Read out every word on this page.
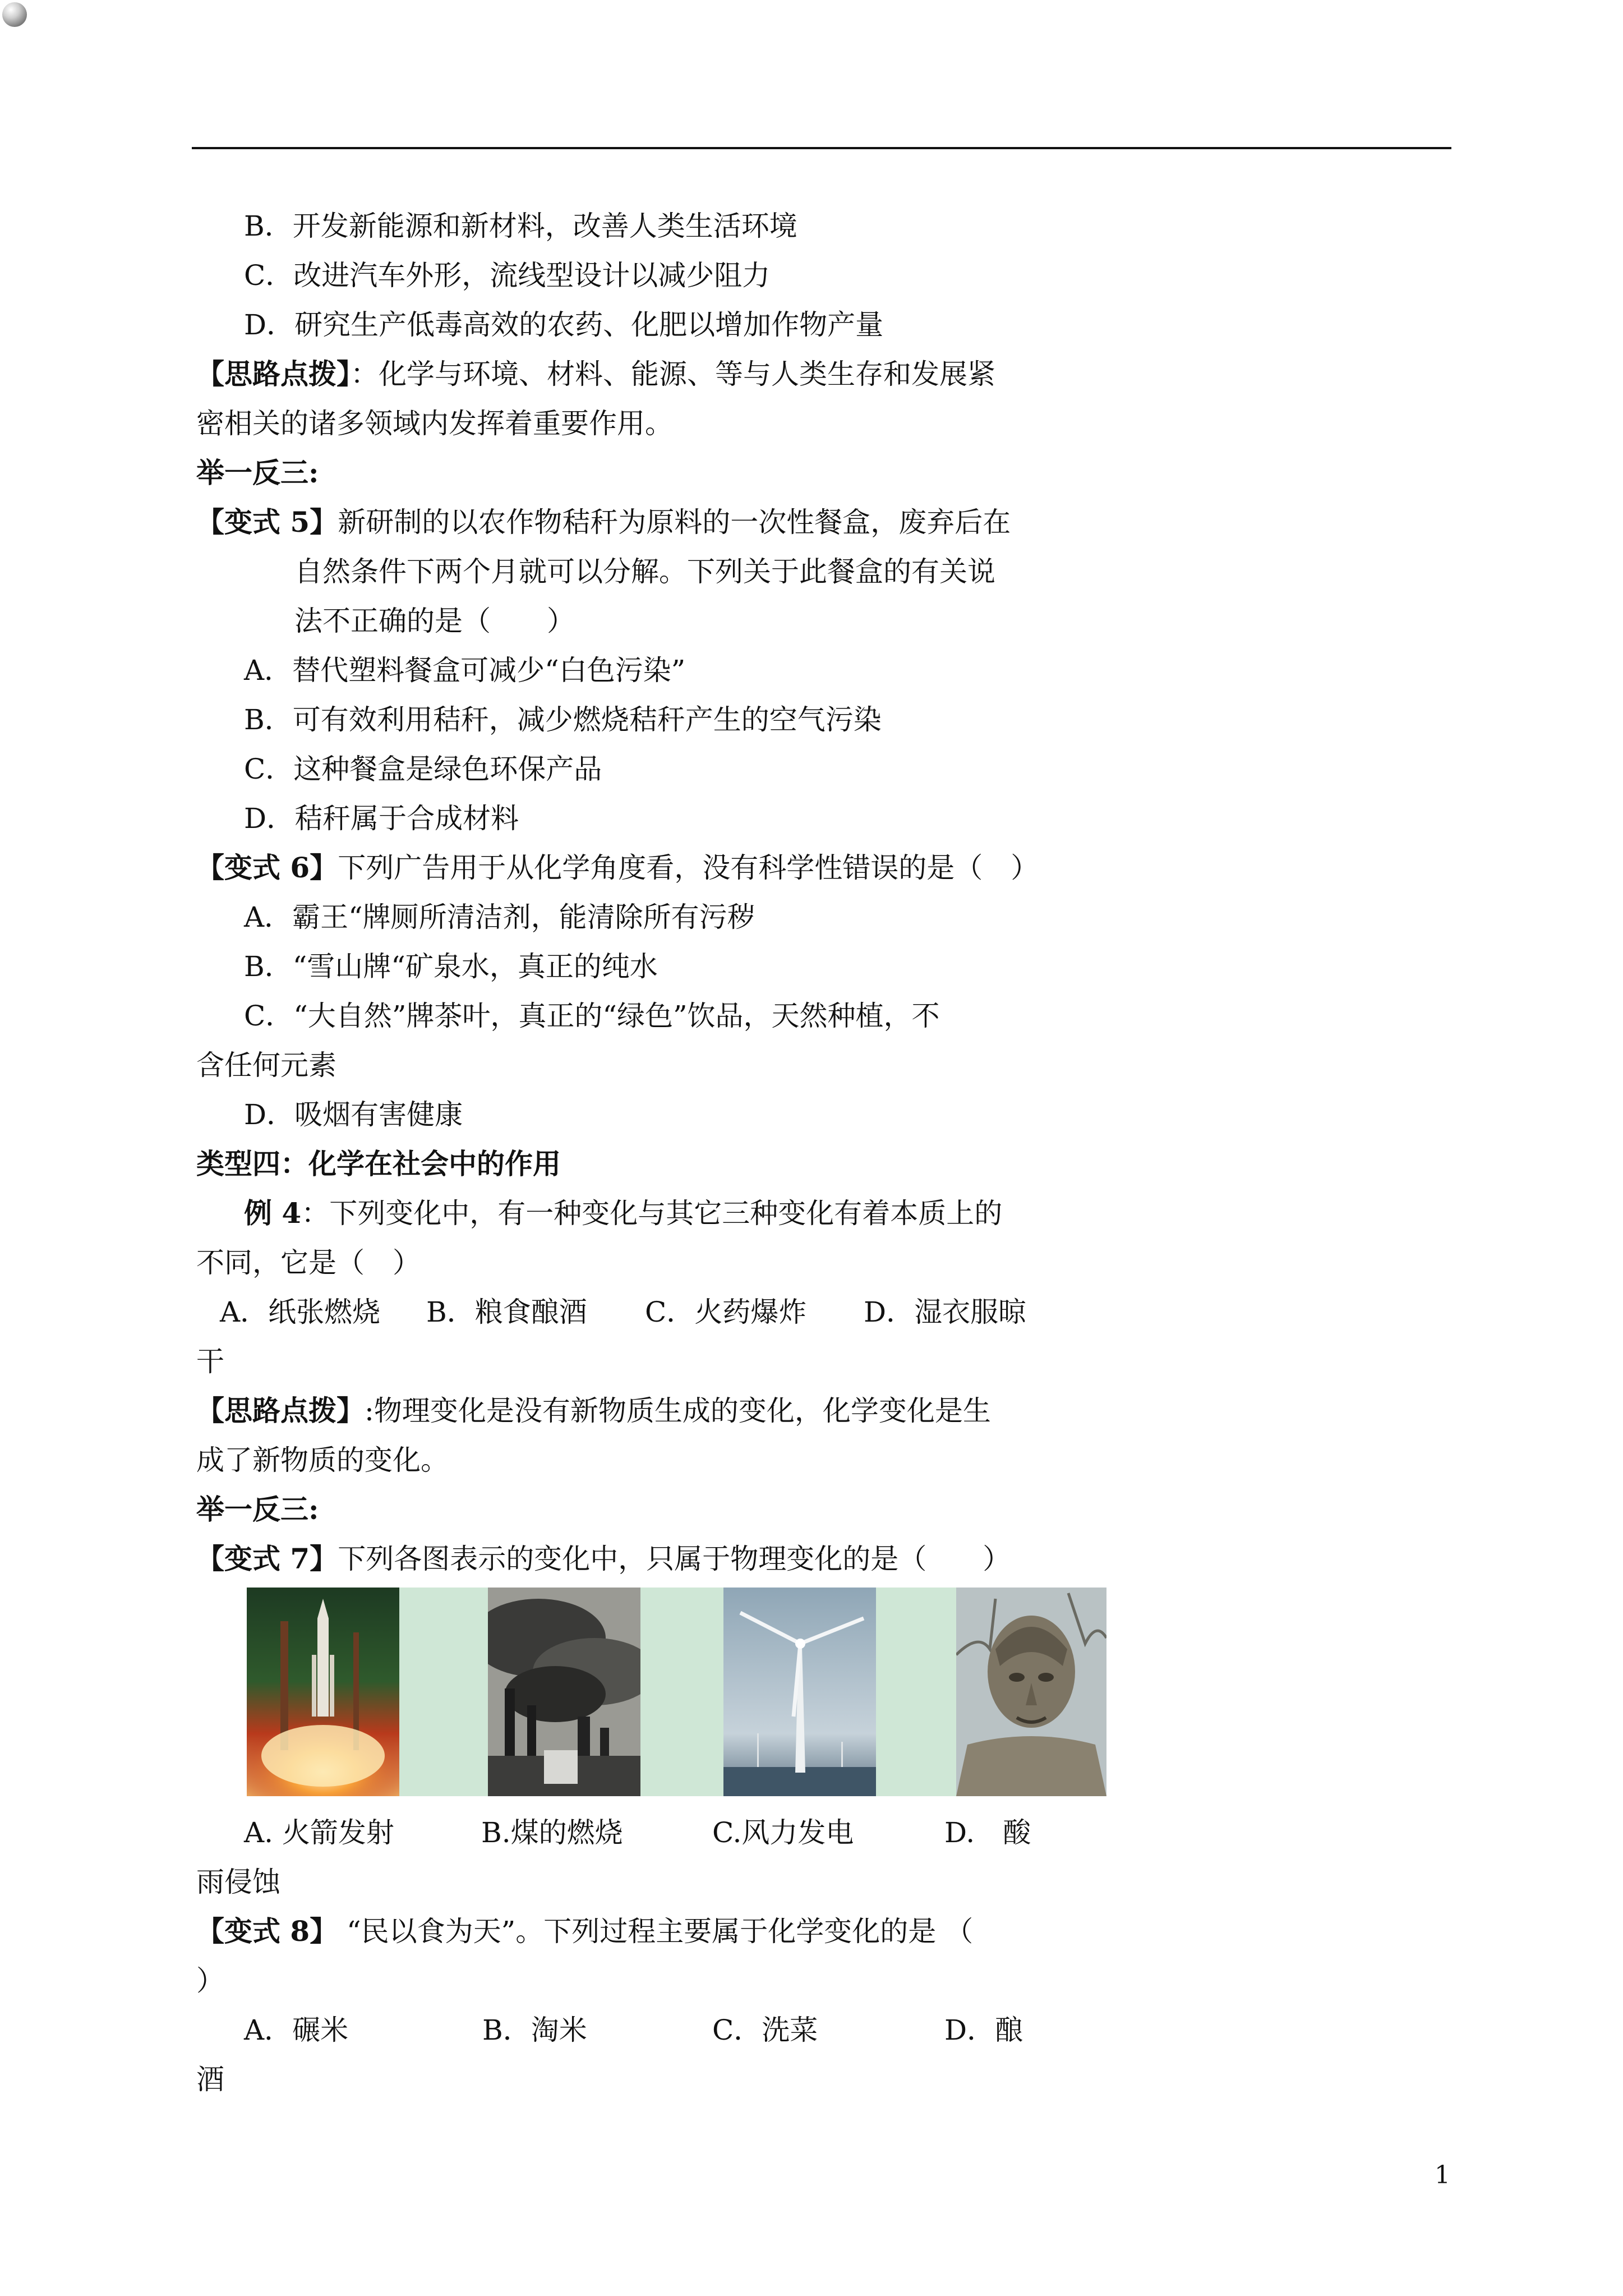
B．开发新能源和新材料，改善人类生活环境
C．改进汽车外形，流线型设计以减少阻力
D．研究生产低毒高效的农药、化肥以增加作物产量
【思路点拨】：化学与环境、材料、能源、等与人类生存和发展紧
密相关的诸多领域内发挥着重要作用。
举一反三:
【变式 5】新研制的以农作物秸秆为原料的一次性餐盒，废弃后在
自然条件下两个月就可以分解。下列关于此餐盒的有关说
法不正确的是（　　）
A．替代塑料餐盒可减少“白色污染”
B．可有效利用秸秆，减少燃烧秸秆产生的空气污染
C．这种餐盒是绿色环保产品
D．秸秆属于合成材料
【变式 6】下列广告用于从化学角度看，没有科学性错误的是（　）
A．霸王“牌厕所清洁剂，能清除所有污秽
B．“雪山牌“矿泉水，真正的纯水
C．“大自然”牌茶叶，真正的“绿色”饮品，天然种植，不
含任何元素
D．吸烟有害健康
类型四：化学在社会中的作用
例 4：下列变化中，有一种变化与其它三种变化有着本质上的
不同，它是（　）
A．纸张燃烧 B．粮食酿酒 C．火药爆炸 D．湿衣服晾
干
【思路点拨】:物理变化是没有新物质生成的变化，化学变化是生
成了新物质的变化。
举一反三:
【变式 7】下列各图表示的变化中，只属于物理变化的是（　　）
A. 火箭发射	B.煤的燃烧	C.风力发电	D.　酸
雨侵蚀
【变式 8】 “民以食为天”。下列过程主要属于化学变化的是 （
）
A．碾米	B．淘米	C．洗菜	D．酿
酒
1
